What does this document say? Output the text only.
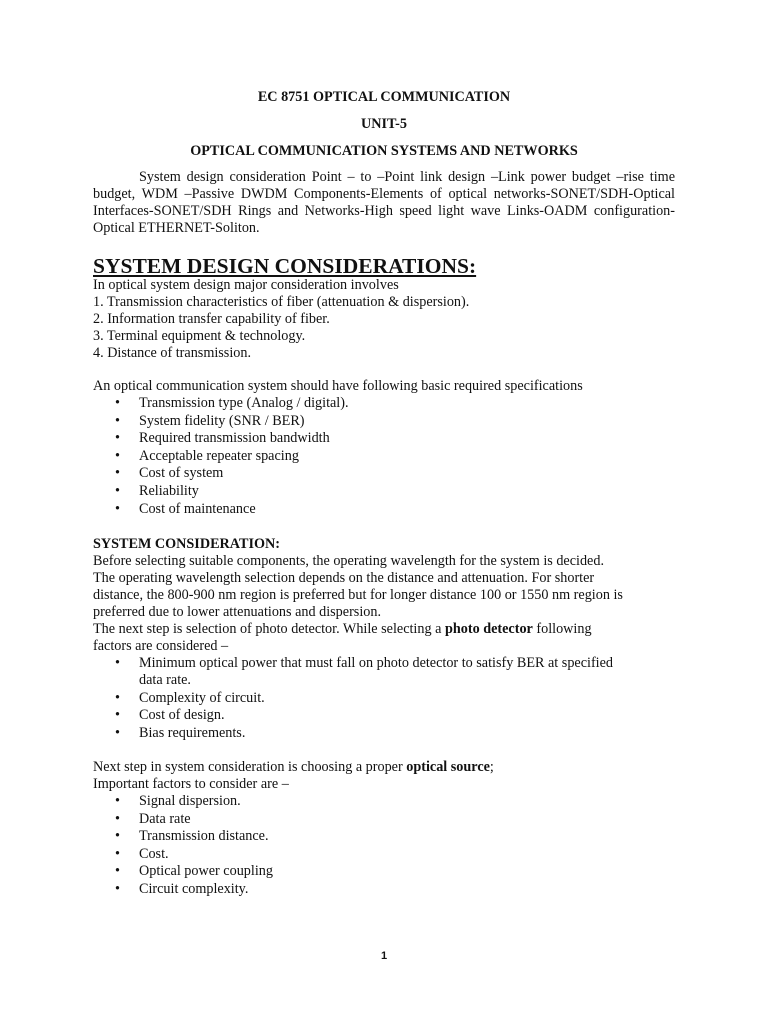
EC 8751 OPTICAL COMMUNICATION
UNIT-5
OPTICAL COMMUNICATION SYSTEMS AND NETWORKS
System design consideration Point – to –Point link design –Link power budget –rise time budget, WDM –Passive DWDM Components-Elements of optical networks-SONET/SDH-Optical Interfaces-SONET/SDH Rings and Networks-High speed light wave Links-OADM configuration-Optical ETHERNET-Soliton.
SYSTEM DESIGN CONSIDERATIONS:
In optical system design major consideration involves
1. Transmission characteristics of fiber (attenuation & dispersion).
2. Information transfer capability of fiber.
3. Terminal equipment & technology.
4. Distance of transmission.
An optical communication system should have following basic required specifications
• Transmission type (Analog / digital).
• System fidelity (SNR / BER)
• Required transmission bandwidth
• Acceptable repeater spacing
• Cost of system
• Reliability
• Cost of maintenance
SYSTEM CONSIDERATION:
Before selecting suitable components, the operating wavelength for the system is decided.
The operating wavelength selection depends on the distance and attenuation. For shorter
distance, the 800-900 nm region is preferred but for longer distance 100 or 1550 nm region is
preferred due to lower attenuations and dispersion.
The next step is selection of photo detector. While selecting a photo detector following
factors are considered –
• Minimum optical power that must fall on photo detector to satisfy BER at specified data rate.
• Complexity of circuit.
• Cost of design.
• Bias requirements.
Next step in system consideration is choosing a proper optical source;
Important factors to consider are –
• Signal dispersion.
• Data rate
• Transmission distance.
• Cost.
• Optical power coupling
• Circuit complexity.
1
